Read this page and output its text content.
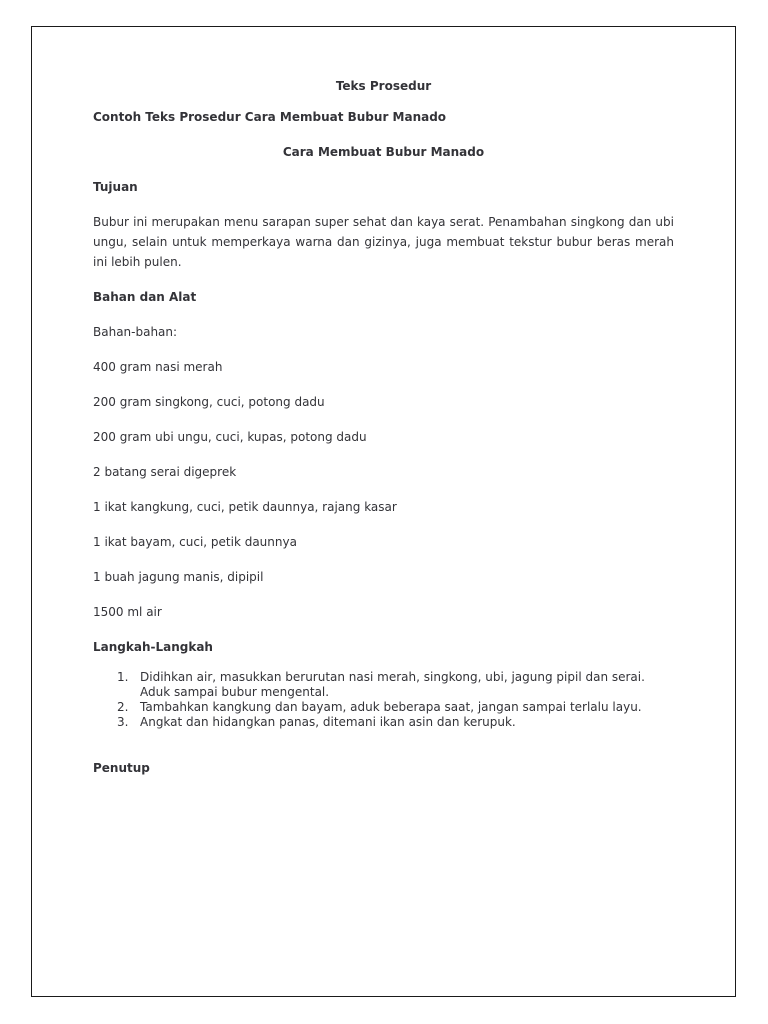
Teks Prosedur
Contoh Teks Prosedur Cara Membuat Bubur Manado
Cara Membuat Bubur Manado
Tujuan
Bubur ini merupakan menu sarapan super sehat dan kaya serat. Penambahan singkong dan ubi ungu, selain untuk memperkaya warna dan gizinya, juga membuat tekstur bubur beras merah ini lebih pulen.
Bahan dan Alat
Bahan-bahan:
400 gram nasi merah
200 gram singkong, cuci, potong dadu
200 gram ubi ungu, cuci, kupas, potong dadu
2 batang serai digeprek
1 ikat kangkung, cuci, petik daunnya, rajang kasar
1 ikat bayam, cuci, petik daunnya
1 buah jagung manis, dipipil
1500 ml air
Langkah-Langkah
1. Didihkan air, masukkan berurutan nasi merah, singkong, ubi, jagung pipil dan serai. Aduk sampai bubur mengental.
2. Tambahkan kangkung dan bayam, aduk beberapa saat, jangan sampai terlalu layu.
3. Angkat dan hidangkan panas, ditemani ikan asin dan kerupuk.
Penutup
